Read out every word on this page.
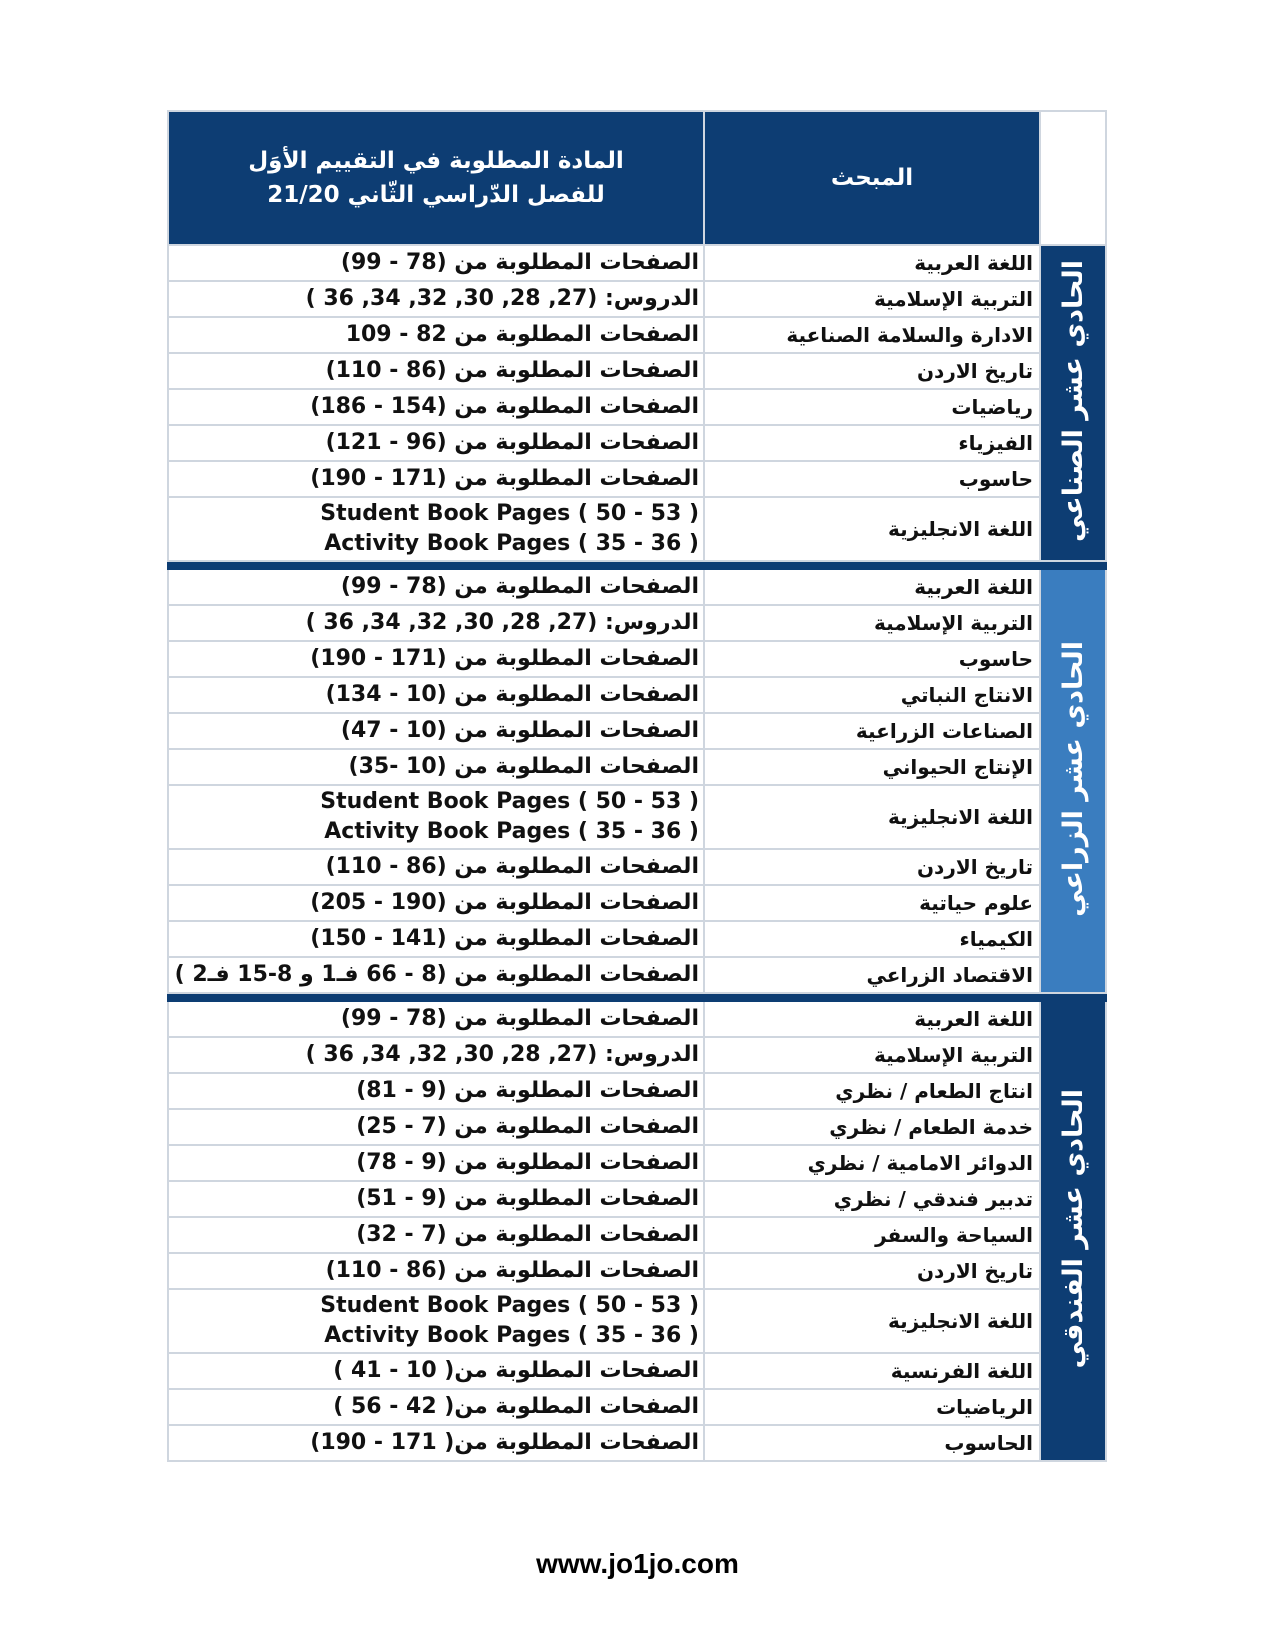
	المبحث	المادة المطلوبة في التقييم الأوَل
للفصل الدّراسي الثّاني 21/20

الحادي عشر الصناعي	اللغة العربية	الصفحات المطلوبة من (78 - 99)

	التربية الإسلامية	الدروس: (27, 28, 30, 32, 34, 36 )

	الادارة والسلامة الصناعية	الصفحات المطلوبة من 82 - 109

	تاريخ الاردن	الصفحات المطلوبة من (86 - 110)

	رياضيات	الصفحات المطلوبة من (154 - 186)

	الفيزياء	الصفحات المطلوبة من (96 - 121)

	حاسوب	الصفحات المطلوبة من (171 - 190)

	اللغة الانجليزية	Student Book Pages ( 50 - 53 )
Activity Book Pages ( 35 - 36 )

الحادي عشر الزراعي	اللغة العربية	الصفحات المطلوبة من (78 - 99)

	التربية الإسلامية	الدروس: (27, 28, 30, 32, 34, 36 )

	حاسوب	الصفحات المطلوبة من (171 - 190)

	الانتاج النباتي	الصفحات المطلوبة من (10 - 134)

	الصناعات الزراعية	الصفحات المطلوبة من (10 - 47)

	الإنتاج الحيواني	الصفحات المطلوبة من (10 -35)

	اللغة الانجليزية	Student Book Pages ( 50 - 53 )
Activity Book Pages ( 35 - 36 )

	تاريخ الاردن	الصفحات المطلوبة من (86 - 110)

	علوم حياتية	الصفحات المطلوبة من (190 - 205)

	الكيمياء	الصفحات المطلوبة من (141 - 150)

	الاقتصاد الزراعي	الصفحات المطلوبة من (8 - 66 فـ1 و 8-15 فـ2 )

الحادي عشر الفندقي	اللغة العربية	الصفحات المطلوبة من (78 - 99)

	التربية الإسلامية	الدروس: (27, 28, 30, 32, 34, 36 )

	انتاج الطعام / نظري	الصفحات المطلوبة من (9 - 81)

	خدمة الطعام / نظري	الصفحات المطلوبة من (7 - 25)

	الدوائر الامامية / نظري	الصفحات المطلوبة من (9 - 78)

	تدبير فندقي / نظري	الصفحات المطلوبة من (9 - 51)

	السياحة والسفر	الصفحات المطلوبة من (7 - 32)

	تاريخ الاردن	الصفحات المطلوبة من (86 - 110)

	اللغة الانجليزية	Student Book Pages ( 50 - 53 )
Activity Book Pages ( 35 - 36 )

	اللغة الفرنسية	الصفحات المطلوبة من( 10 - 41 )

	الرياضيات	الصفحات المطلوبة من( 42 - 56 )

	الحاسوب	الصفحات المطلوبة من( 171 - 190)
www.jo1jo.com
